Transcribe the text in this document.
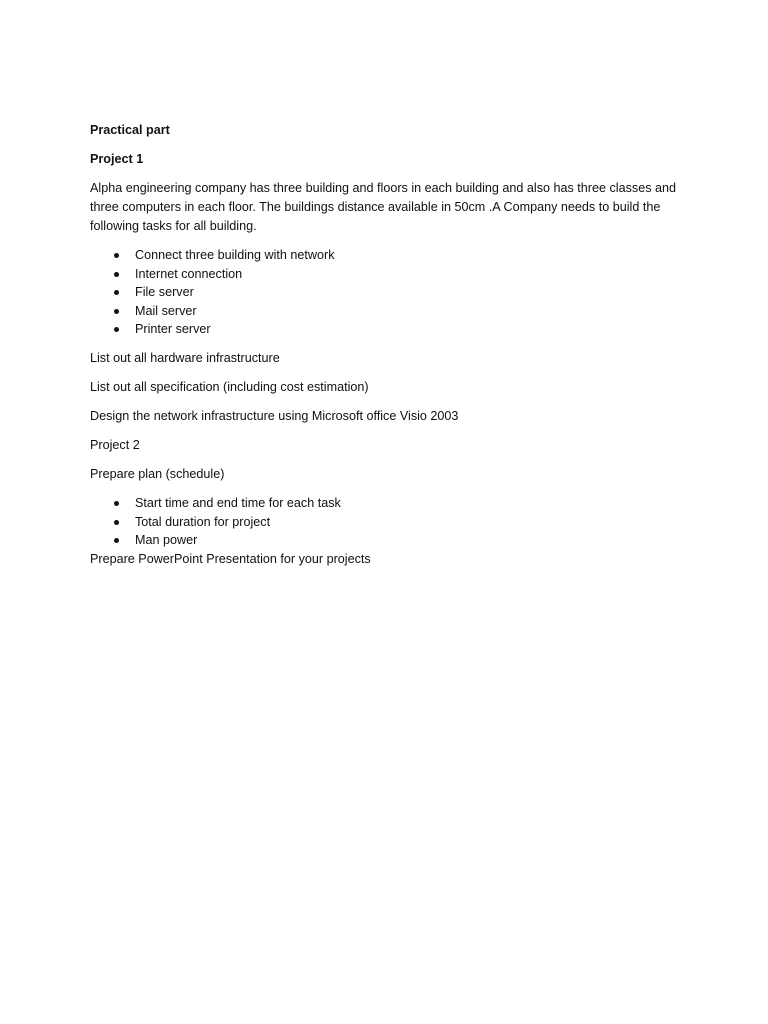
Practical part

Project 1

Alpha engineering company has three building and floors in each building and also has three classes and three computers in each floor. The buildings distance available in 50cm .A Company needs to build the following tasks for all building.

Connect three building with network
Internet connection
File server
Mail server
Printer server

List out all hardware infrastructure

List out all specification (including cost estimation)

Design the network infrastructure using Microsoft office Visio 2003

Project 2

Prepare plan (schedule)

Start time and end time for each task
Total duration for project
Man power

Prepare PowerPoint Presentation for your projects
